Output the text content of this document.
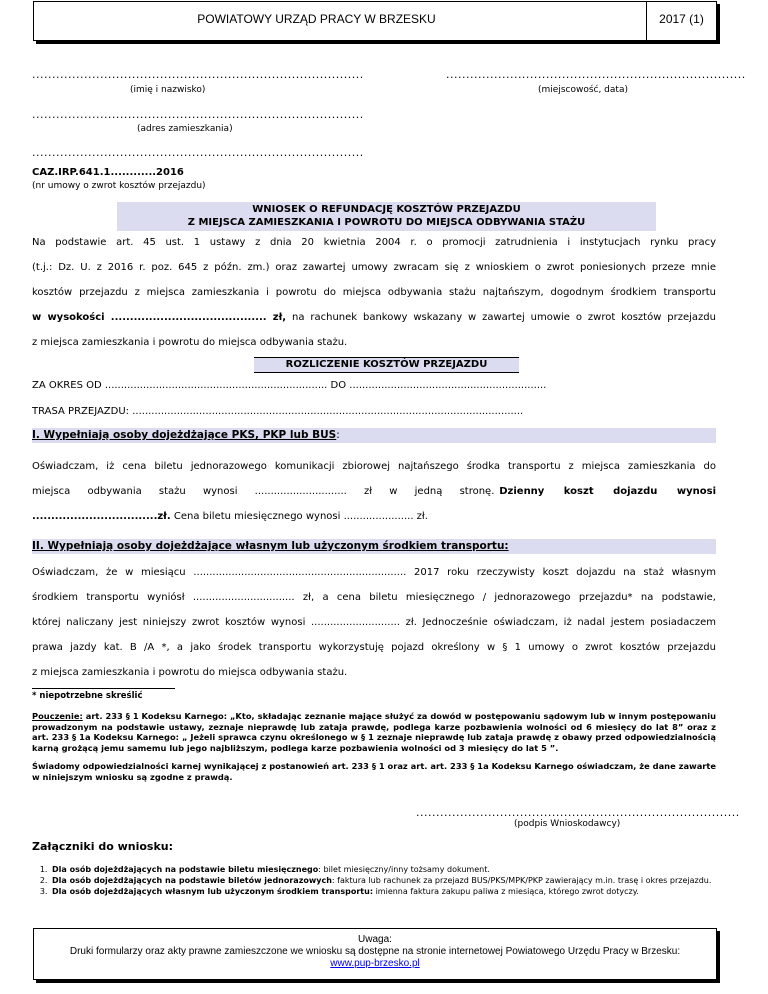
POWIATOWY URZĄD PRACY W BRZESKU	2017 (1)
...................................................................................
(imię i nazwisko)
...........................................................................
(miejscowość, data)
...................................................................................
(adres zamieszkania)
...................................................................................
CAZ.IRP.641.1............2016
(nr umowy o zwrot kosztów przejazdu)
WNIOSEK O REFUNDACJĘ KOSZTÓW PRZEJAZDU
Z MIEJSCA ZAMIESZKANIA I POWROTU DO MIEJSCA ODBYWANIA STAŻU
Na podstawie art. 45 ust. 1 ustawy z dnia 20 kwietnia 2004 r. o promocji zatrudnienia i instytucjach rynku pracy
(t.j.: Dz. U. z 2016 r. poz. 645 z późn. zm.) oraz zawartej umowy zwracam się z wnioskiem o zwrot poniesionych przeze mnie
kosztów przejazdu z miejsca zamieszkania i powrotu do miejsca odbywania stażu najtańszym, dogodnym środkiem transportu
w wysokości ......................................... zł, na rachunek bankowy wskazany w zawartej umowie o zwrot kosztów przejazdu
z miejsca zamieszkania i powrotu do miejsca odbywania stażu.
ROZLICZENIE KOSZTÓW PRZEJAZDU
ZA OKRES OD ...................................................................... DO ..............................................................
TRASA PRZEJAZDU: ...........................................................................................................................
I. Wypełniają osoby dojeżdżające PKS, PKP lub BUS:
Oświadczam, iż cena biletu jednorazowego komunikacji zbiorowej najtańszego środka transportu z miejsca zamieszkania do
miejsca odbywania stażu wynosi ............................. zł w jedną stronę. Dzienny koszt dojazdu wynosi
.................................zł. Cena biletu miesięcznego wynosi ...................... zł.
II. Wypełniają osoby dojeżdżające własnym lub użyczonym środkiem transportu:
Oświadczam, że w miesiącu ................................................................... 2017 roku rzeczywisty koszt dojazdu na staż własnym
środkiem transportu wyniósł ................................ zł, a cena biletu miesięcznego / jednorazowego przejazdu* na podstawie,
której naliczany jest niniejszy zwrot kosztów wynosi ............................ zł. Jednocześnie oświadczam, iż nadal jestem posiadaczem
prawa jazdy kat. B /A *, a jako środek transportu wykorzystuję pojazd określony w § 1 umowy o zwrot kosztów przejazdu
z miejsca zamieszkania i powrotu do miejsca odbywania stażu.
* niepotrzebne skreślić
Pouczenie: art. 233 § 1 Kodeksu Karnego: „Kto, składając zeznanie mające służyć za dowód w postępowaniu sądowym lub w innym postępowaniu prowadzonym na podstawie ustawy, zeznaje nieprawdę lub zataja prawdę, podlega karze pozbawienia wolności od 6 miesięcy do lat 8” oraz z art. 233 § 1a Kodeksu Karnego: „ Jeżeli sprawca czynu określonego w § 1 zeznaje nieprawdę lub zataja prawdę z obawy przed odpowiedzialnością karną grożącą jemu samemu lub jego najbliższym, podlega karze pozbawienia wolności od 3 miesięcy do lat 5 ”.
Świadomy odpowiedzialności karnej wynikającej z postanowień art. 233 § 1 oraz art. art. 233 § 1a Kodeksu Karnego oświadczam, że dane zawarte w niniejszym wniosku są zgodne z prawdą.
.................................................................................
(podpis Wnioskodawcy)
Załączniki do wniosku:
1. Dla osób dojeżdżających na podstawie biletu miesięcznego: bilet miesięczny/inny tożsamy dokument.
2. Dla osób dojeżdżających na podstawie biletów jednorazowych: faktura lub rachunek za przejazd BUS/PKS/MPK/PKP zawierający m.in. trasę i okres przejazdu.
3. Dla osób dojeżdżających własnym lub użyczonym środkiem transportu: imienna faktura zakupu paliwa z miesiąca, którego zwrot dotyczy.
Uwaga:
Druki formularzy oraz akty prawne zamieszczone we wniosku są dostępne na stronie internetowej Powiatowego Urzędu Pracy w Brzesku:
www.pup-brzesko.pl
